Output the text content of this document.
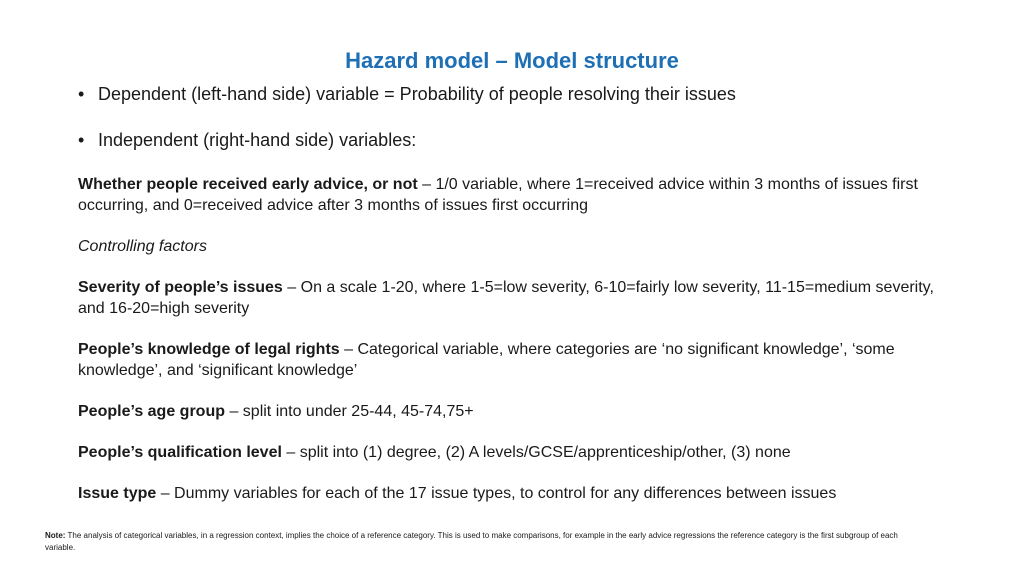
Hazard model – Model structure
• Dependent (left-hand side) variable = Probability of people resolving their issues
• Independent (right-hand side) variables:

Whether people received early advice, or not – 1/0 variable, where 1=received advice within 3 months of issues first occurring, and 0=received advice after 3 months of issues first occurring

Controlling factors

Severity of people’s issues – On a scale 1-20, where 1-5=low severity, 6-10=fairly low severity, 11-15=medium severity, and 16-20=high severity

People’s knowledge of legal rights – Categorical variable, where categories are ‘no significant knowledge’, ‘some knowledge’, and ‘significant knowledge’

People’s age group – split into under 25-44, 45-74,75+

People’s qualification level – split into (1) degree, (2) A levels/GCSE/apprenticeship/other, (3) none

Issue type – Dummy variables for each of the 17 issue types, to control for any differences between issues

Note: The analysis of categorical variables, in a regression context, implies the choice of a reference category. This is used to make comparisons, for example in the early advice regressions the reference category is the first subgroup of each variable.
